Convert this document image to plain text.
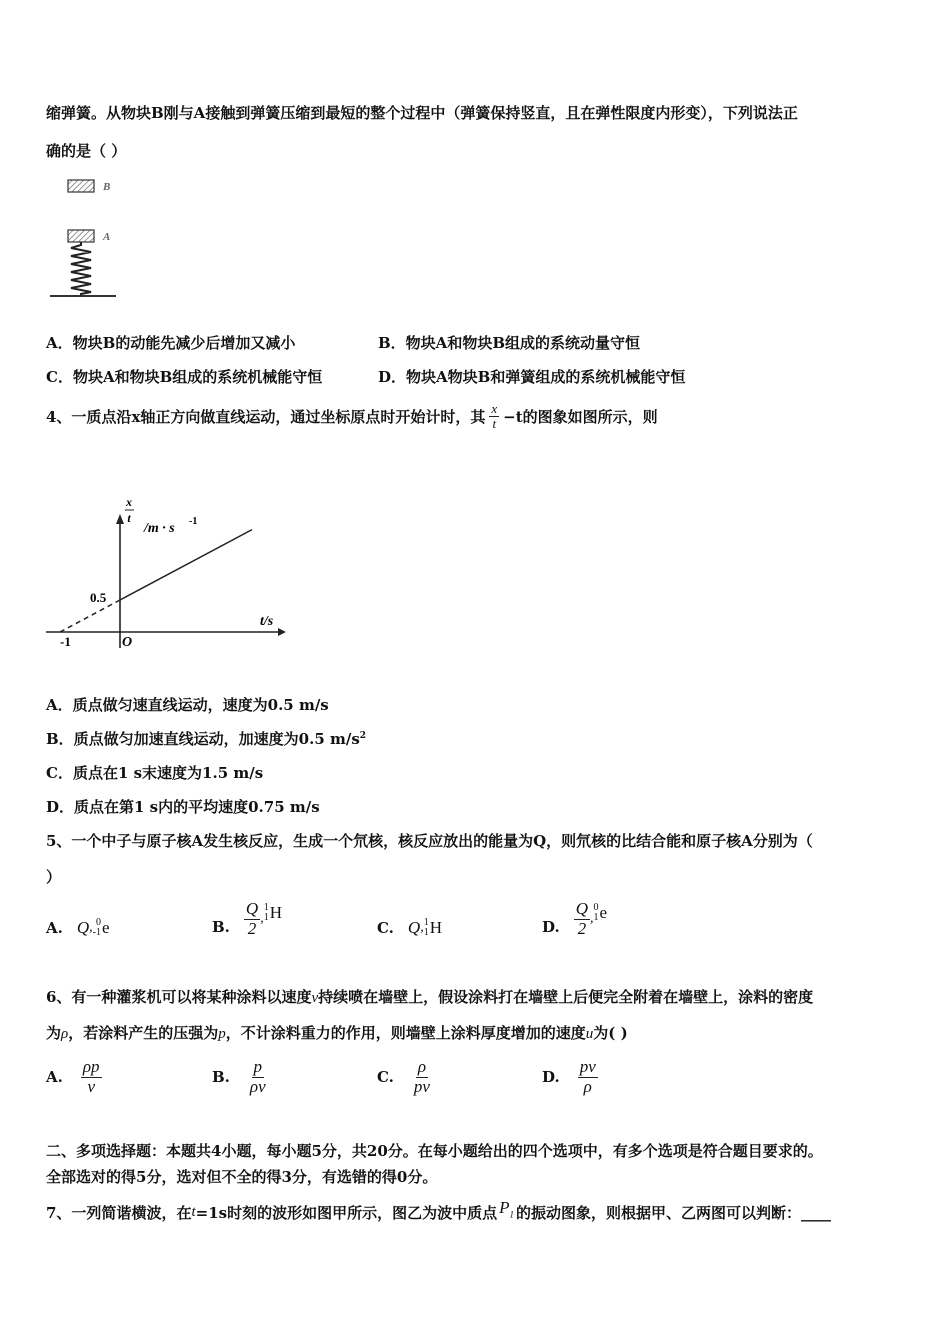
缩弹簧。从物块B刚与A接触到弹簧压缩到最短的整个过程中（弹簧保持竖直，且在弹性限度内形变），下列说法正
确的是（ ）
B
A
A．物块B的动能先减少后增加又减小	B．物块A和物块B组成的系统动量守恒
C．物块A和物块B组成的系统机械能守恒	D．物块A物块B和弹簧组成的系统机械能守恒
4、一质点沿x轴正方向做直线运动，通过坐标原点时开始计时，其 $\frac{x}{t} -t$的图象如图所示，则
x
t
/m · s -1
t/s
O
-1
0.5
A．质点做匀速直线运动，速度为0.5 m/s
B．质点做匀加速直线运动，加速度为0.5 $m/s^2$
C．质点在1 s末速度为1.5 m/s
D．质点在第1 s内的平均速度0.75 m/s
5、一个中子与原子核A发生核反应，生成一个氘核，核反应放出的能量为Q，则氘核的比结合能和原子核A分别为（
）
A. Q , 0
-1 e	B. $\frac{Q}{2}$ ,
1
1 H
C. Q , 1
1 H	D. $\frac{Q}{2}$ ,
0
1 e
6、有一种灌浆机可以将某种涂料以速度v持续喷在墙壁上，假设涂料打在墙壁上后便完全附着在墙壁上，涂料的密度
为ρ，若涂料产生的压强为p，不计涂料重力的作用，则墙壁上涂料厚度增加的速度u为( )
A. $\frac{\rho p}{v}$	B. $\frac{p}{\rho v}$	C. $\frac{\rho}{pv}$	D. $\frac{pv}{\rho}$
二、多项选择题：本题共4小题，每小题5分，共20分。在每小题给出的四个选项中，有多个选项是符合题目要求的。
全部选对的得5分，选对但不全的得3分，有选错的得0分。
7、一列简谐横波，在 t =1s时刻的波形如图甲所示，图乙为波中质点 $P_1$ 的振动图象，则根据甲、乙两图可以判断：____
